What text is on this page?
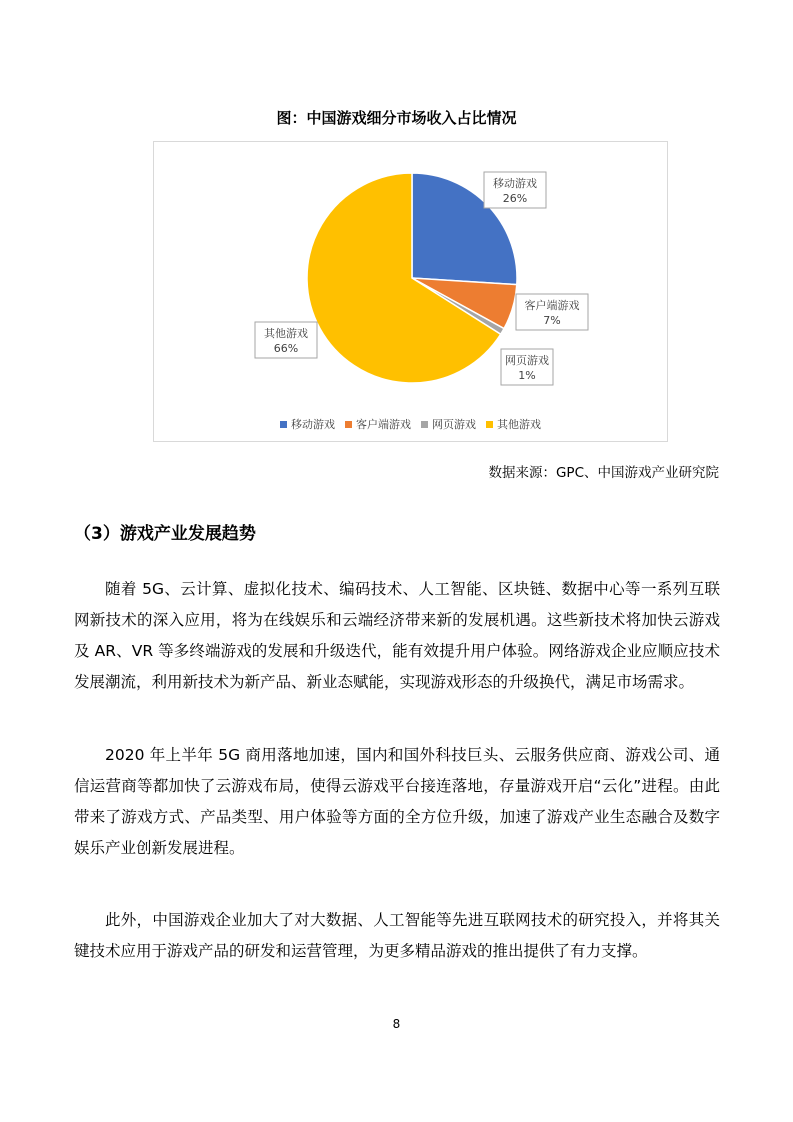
图：中国游戏细分市场收入占比情况
移动游戏
26%
客户端游戏
7%
网页游戏
1%
其他游戏
66%
移动游戏 客户端游戏 网页游戏 其他游戏
数据来源：GPC、中国游戏产业研究院
（3）游戏产业发展趋势
随着 5G、云计算、虚拟化技术、编码技术、人工智能、区块链、数据中心等一系列互联网新技术的深入应用，将为在线娱乐和云端经济带来新的发展机遇。这些新技术将加快云游戏及 AR、VR 等多终端游戏的发展和升级迭代，能有效提升用户体验。网络游戏企业应顺应技术发展潮流，利用新技术为新产品、新业态赋能，实现游戏形态的升级换代，满足市场需求。
2020 年上半年 5G 商用落地加速，国内和国外科技巨头、云服务供应商、游戏公司、通信运营商等都加快了云游戏布局，使得云游戏平台接连落地，存量游戏开启“云化”进程。由此带来了游戏方式、产品类型、用户体验等方面的全方位升级，加速了游戏产业生态融合及数字娱乐产业创新发展进程。
此外，中国游戏企业加大了对大数据、人工智能等先进互联网技术的研究投入，并将其关键技术应用于游戏产品的研发和运营管理，为更多精品游戏的推出提供了有力支撑。
8
